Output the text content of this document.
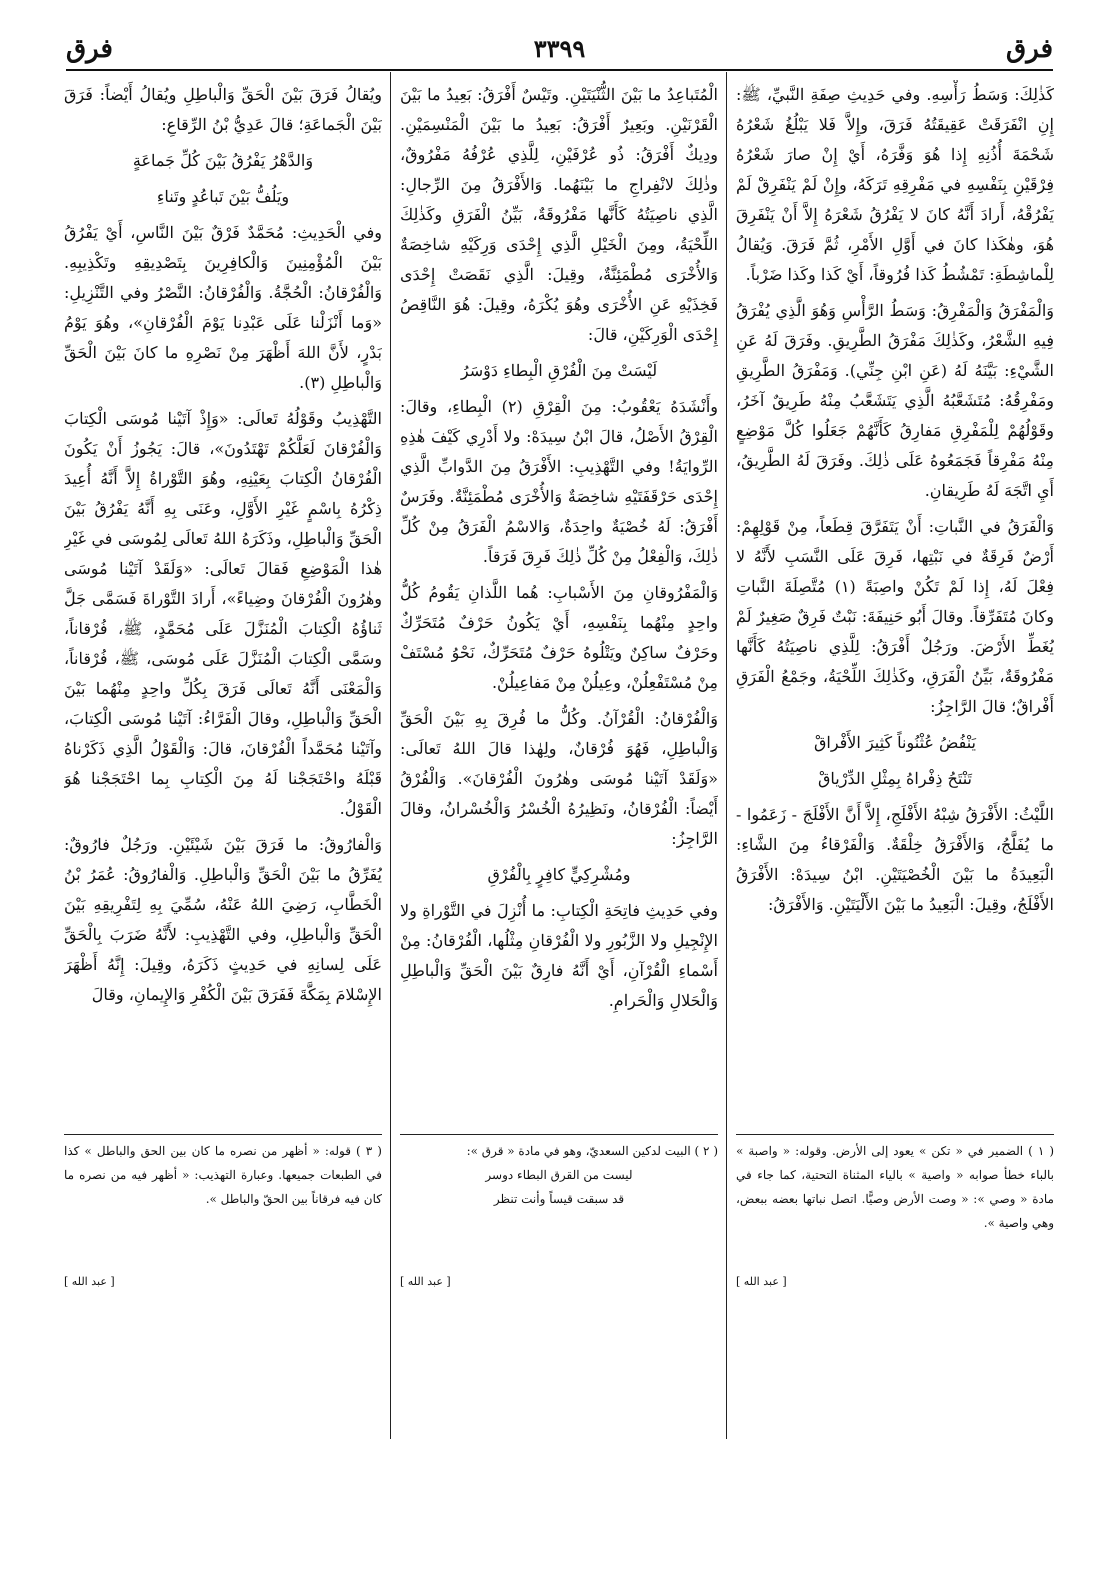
فرق
٣٣٩٩
فرق

كَذٰلِكَ: وَسَطُ رَأْسِهِ. وفي حَدِيثِ صِفَةِ النَّبيِّ، ﷺ: إِنِ انْفَرَقَتْ عَقِيقَتُهُ فَرَقَ، وإِلاَّ فَلا يَبْلُغُ شَعْرُهُ شَحْمَةَ أُذُنِهِ إِذا هُوَ وَفَّرَهُ، أَيْ إِنْ صارَ شَعْرُهُ فِرْقَيْنِ بِنَفْسِهِ في مَفْرِقِهِ تَرَكَهُ، وإِنْ لَمْ يَنْفَرِقْ لَمْ يَفْرُقْهُ، أَرادَ أَنَّهُ كانَ لا يَفْرُقُ شَعْرَهُ إِلاَّ أَنْ يَنْفَرِقَ هُوَ، وهٰكَذا كانَ في أَوَّلِ الأَمْرِ، ثُمَّ فَرَقَ. وَيُقالُ لِلْماشِطَةِ: تَمْشُطُ كَذا فُرُوقاً، أَيْ كَذا وكَذا ضَرْباً.

وَالْمَفْرَقُ وَالْمَفْرِقُ: وَسَطُ الرَّأْسِ وَهُوَ الَّذِي يُفْرَقُ فِيهِ الشَّعْرُ، وكَذٰلِكَ مَفْرَقُ الطَّرِيقِ. وفَرَقَ لَهُ عَنِ الشَّيْءِ: بَيَّنَهُ لَهُ (عَنِ ابْنِ جِنِّي). وَمَفْرَقُ الطَّرِيقِ ومَفْرِقُهُ: مُتَشَعَّبُهُ الَّذِي يَتَشَعَّبُ مِنْهُ طَرِيقٌ آخَرُ، وقَوْلُهُمْ لِلْمَفْرِقِ مَفارِقُ كَأَنَّهُمْ جَعَلُوا كُلَّ مَوْضِعٍ مِنْهُ مَفْرِقاً فَجَمَعُوهُ عَلَى ذٰلِكَ. وفَرَقَ لَهُ الطَّرِيقُ، أَيِ اتَّجَهَ لَهُ طَرِيقانِ.

وَالْفَرَقُ في النَّباتِ: أَنْ يَتَفَرَّقَ قِطَعاً، مِنْ قَوْلِهِمْ: أَرْضٌ فَرِقَةٌ في نَبْتِها، فَرِقَ عَلَى النَّسَبِ لأَنَّهُ لا فِعْلَ لَهُ، إِذا لَمْ تَكُنْ واصِبَةً (١) مُتَّصِلَةَ النَّباتِ وكانَ مُتَفَرِّقاً. وقالَ أَبُو حَنِيفَةَ: نَبْتٌ فَرِقٌ صَغِيرٌ لَمْ يُغَطِّ الأَرْضَ. ورَجُلٌ أَفْرَقُ: لِلَّذِي ناصِيَتُهُ كَأَنَّها مَفْرُوقَةٌ، بَيِّنُ الْفَرَقِ، وكَذٰلِكَ اللِّحْيَةُ، وجَمْعُ الْفَرَقِ أَفْراقٌ؛ قالَ الرَّاجِزُ:

يَنْفُضُ عُثْنُوناً كَثِيرَ الأَفْراقْ

تَنْتَحُ ذِفْراهُ بِمِثْلِ الدِّرْياقْ

اللَّيْثُ: الأَفْرَقُ شِبْهُ الأَفْلَجِ، إِلاَّ أَنَّ الأَفْلَجَ - زَعَمُوا - ما يُفَلَّجُ، وَالأَفْرَقُ خِلْقَةٌ. وَالْفَرْقاءُ مِنَ الشَّاءِ: الْبَعِيدَةُ ما بَيْنَ الْخُصْيَتَيْنِ. ابْنُ سِيدَهْ: الأَفْرَقُ الأَفْلَجُ، وقِيلَ: الْبَعِيدُ ما بَيْنَ الأَلْيَتَيْنِ. وَالأَفْرَقُ:

( ١ ) الضمير في « تكن » يعود إلى الأرض. وقوله: « واصبة » بالباء خطأ صوابه « واصية » بالياء المثناة التحتية، كما جاء في مادة « وصي »: « وصت الأرض وصيًّا. اتصل نباتها بعضه ببعض، وهي واصية ».

[ عبد الله ]

الْمُتَباعِدُ ما بَيْنَ الثُّنْيَتَيْنِ. وتَيْسٌ أَفْرَقُ: بَعِيدُ ما بَيْنَ الْقَرْنَيْنِ. وبَعِيرٌ أَفْرَقُ: بَعِيدُ ما بَيْنَ الْمَنْسِمَيْنِ. ودِيكٌ أَفْرَقُ: ذُو عُرْفَيْنِ، لِلَّذِي عُرْفُهُ مَفْرُوقٌ، وذٰلِكَ لانْفِراجِ ما بَيْنَهُما. وَالأَفْرَقُ مِنَ الرِّجالِ: الَّذِي ناصِيَتُهُ كَأَنَّها مَفْرُوقَةٌ، بَيِّنُ الْفَرَقِ وكَذٰلِكَ اللِّحْيَةُ، ومِنَ الْخَيْلِ الَّذِي إِحْدَى وَرِكَيْهِ شاخِصَةٌ وَالأُخْرَى مُطْمَئِنَّةٌ، وقِيلَ: الَّذِي نَقَصَتْ إِحْدَى فَخِذَيْهِ عَنِ الأُخْرَى وهُوَ يُكْرَهُ، وقِيلَ: هُوَ النَّاقِصُ إِحْدَى الْوَرِكَيْنِ، قالَ:

لَيْسَتْ مِنَ الْفُرْقِ الْبِطاءِ دَوْسَرُ

وأَنْشَدَهُ يَعْقُوبُ: مِنَ الْقِرْقِ (٢) الْبِطاءِ، وقالَ: الْقِرْقُ الأَصْلُ، قالَ ابْنُ سِيدَهْ: ولا أَدْرِي كَيْفَ هٰذِهِ الرِّوايَةُ! وفي التَّهْذِيبِ: الأَفْرَقُ مِنَ الدَّوابِّ الَّذِي إِحْدَى حَرْقَفَتَيْهِ شاخِصَةٌ وَالأُخْرَى مُطْمَئِنَّةٌ. وفَرَسٌ أَفْرَقُ: لَهُ خُصْيَةٌ واحِدَةٌ، وَالاسْمُ الْفَرَقُ مِنْ كُلِّ ذٰلِكَ، وَالْفِعْلُ مِنْ كُلِّ ذٰلِكَ فَرِقَ فَرَقاً.

وَالْمَفْرُوقانِ مِنَ الأَسْبابِ: هُما اللَّذانِ يَقُومُ كُلُّ واحِدٍ مِنْهُما بِنَفْسِهِ، أَيْ يَكُونُ حَرْفٌ مُتَحَرِّكٌ وحَرْفٌ ساكِنٌ ويَتْلُوهُ حَرْفٌ مُتَحَرِّكٌ، نَحْوُ مُسْتَفْ مِنْ مُسْتَفْعِلُنْ، وعِيلُنْ مِنْ مَفاعِيلُنْ.

وَالْفُرْقانُ: الْقُرْآنُ. وكُلُّ ما فُرِقَ بِهِ بَيْنَ الْحَقِّ وَالْباطِلِ، فَهُوَ فُرْقانٌ، ولِهٰذا قالَ اللهُ تَعالَى: «وَلَقَدْ آتَيْنا مُوسَى وهٰرُونَ الْفُرْقانَ». وَالْفُرْقُ أَيْضاً: الْفُرْقانُ، ونَظِيرُهُ الْخُسْرُ وَالْخُسْرانُ، وقالَ الرَّاجِزُ:

ومُشْرِكِيٍّ كافِرٍ بِالْفُرْقِ

وفي حَدِيثِ فاتِحَةِ الْكِتابِ: ما أُنْزِلَ في التَّوْراةِ ولا الإِنْجِيلِ ولا الزَّبُورِ ولا الْفُرْقانِ مِثْلُها، الْفُرْقانُ: مِنْ أَسْماءِ الْقُرْآنِ، أَيْ أَنَّهُ فارِقٌ بَيْنَ الْحَقِّ وَالْباطِلِ وَالْحَلالِ وَالْحَرامِ.

( ٢ ) البيت لدكين السعديّ، وهو في مادة « قرق »:

ليست من القرق البطاء دوسر

قد سبقت قيساً وأنت تنظر

[ عبد الله ]

ويُقالُ فَرَقَ بَيْنَ الْحَقِّ وَالْباطِلِ ويُقالُ أَيْضاً: فَرَقَ بَيْنَ الْجَماعَةِ؛ قالَ عَدِيُّ بْنُ الرِّقاعِ:

وَالدَّهْرُ يَفْرُقُ بَيْنَ كُلِّ جَماعَةٍ

ويَلُفُّ بَيْنَ تَباعُدٍ وتَناءِ

وفي الْحَدِيثِ: مُحَمَّدٌ فَرْقٌ بَيْنَ النَّاسِ، أَيْ يَفْرُقُ بَيْنَ الْمُؤْمِنِينَ وَالْكافِرِينَ بِتَصْدِيقِهِ وتَكْذِيبِهِ. وَالْفُرْقانُ: الْحُجَّةُ. وَالْفُرْقانُ: النَّصْرُ وفي التَّنْزِيلِ: «وَما أَنْزَلْنا عَلَى عَبْدِنا يَوْمَ الْفُرْقانِ»، وهُوَ يَوْمُ بَدْرٍ، لأَنَّ اللهَ أَظْهَرَ مِنْ نَصْرِهِ ما كانَ بَيْنَ الْحَقِّ وَالْباطِلِ (٣).

التَّهْذِيبُ وقَوْلُهُ تَعالَى: «وَإِذْ آتَيْنا مُوسَى الْكِتابَ وَالْفُرْقانَ لَعَلَّكُمْ تَهْتَدُونَ»، قالَ: يَجُوزُ أَنْ يَكُونَ الْفُرْقانُ الْكِتابَ بِعَيْنِهِ، وهُوَ التَّوْراةُ إِلاَّ أَنَّهُ أُعِيدَ ذِكْرُهُ بِاسْمٍ غَيْرِ الأَوَّلِ، وعَنَى بِهِ أَنَّهُ يَفْرُقُ بَيْنَ الْحَقِّ وَالْباطِلِ، وذَكَرَهُ اللهُ تَعالَى لِمُوسَى في غَيْرِ هٰذا الْمَوْضِعِ فَقالَ تَعالَى: «وَلَقَدْ آتَيْنا مُوسَى وهٰرُونَ الْفُرْقانَ وضِياءً»، أَرادَ التَّوْراةَ فَسَمَّى جَلَّ ثَناؤُهُ الْكِتابَ الْمُنَزَّلَ عَلَى مُحَمَّدٍ، ﷺ، فُرْقاناً، وسَمَّى الْكِتابَ الْمُنَزَّلَ عَلَى مُوسَى، ﷺ، فُرْقاناً، وَالْمَعْنَى أَنَّهُ تَعالَى فَرَقَ بِكُلِّ واحِدٍ مِنْهُما بَيْنَ الْحَقِّ وَالْباطِلِ، وقالَ الْفَرَّاءُ: آتَيْنا مُوسَى الْكِتابَ، وآتَيْنا مُحَمَّداً الْفُرْقانَ، قالَ: وَالْقَوْلُ الَّذِي ذَكَرْناهُ قَبْلَهُ واحْتَجَجْنا لَهُ مِنَ الْكِتابِ بِما احْتَجَجْنا هُوَ الْقَوْلُ.

وَالْفارُوقُ: ما فَرَقَ بَيْنَ شَيْئَيْنِ. ورَجُلٌ فارُوقٌ: يُفَرِّقُ ما بَيْنَ الْحَقِّ وَالْباطِلِ. وَالْفارُوقُ: عُمَرُ بْنُ الْخَطَّابِ، رَضِيَ اللهُ عَنْهُ، سُمِّيَ بِهِ لِتَفْرِيقِهِ بَيْنَ الْحَقِّ وَالْباطِلِ، وفي التَّهْذِيبِ: لأَنَّهُ ضَرَبَ بِالْحَقِّ عَلَى لِسانِهِ في حَدِيثٍ ذَكَرَهُ، وقِيلَ: إِنَّهُ أَظْهَرَ الإِسْلامَ بِمَكَّةَ فَفَرَقَ بَيْنَ الْكُفْرِ وَالإِيمانِ، وقالَ

( ٣ ) قوله: « أظهر من نصره ما كان بين الحق والباطل » كذا في الطبعات جميعها. وعبارة التهذيب: « أظهر فيه من نصره ما كان فيه فرقاناً بين الحقّ والباطل ».

[ عبد الله ]
